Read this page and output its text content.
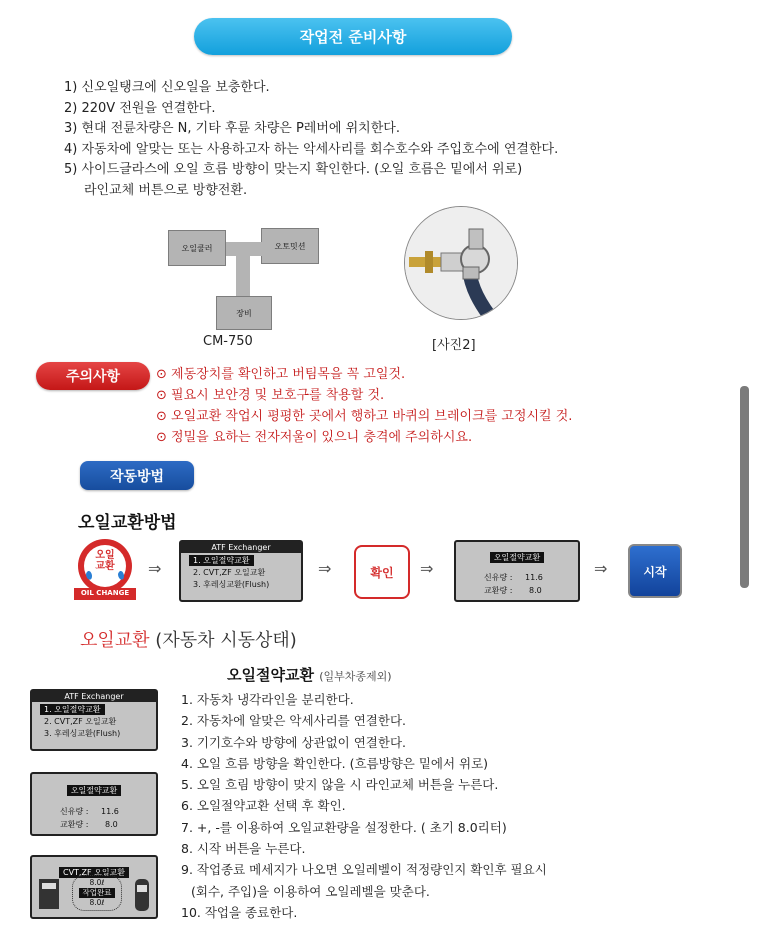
작업전 준비사항
1) 신오일탱크에 신오일을 보충한다.
2) 220V 전원을 연결한다.
3) 현대 전륜차량은 N, 기타 후륜 차량은 P레버에 위치한다.
4) 자동차에 알맞는 또는 사용하고자 하는 악세사리를 회수호수와 주입호수에 연결한다.
5) 사이드글라스에 오일 흐름 방향이 맞는지 확인한다. (오일 흐름은 밑에서 위로)
라인교체 버튼으로 방향전환.
오일쿨러	오토밋션
장비
CM-750	[사진2]
주의사항	⊙ 제동장치를 확인하고 버팀목을 꼭 고일것.
⊙ 필요시 보안경 및 보호구를 착용할 것.
⊙ 오일교환 작업시 평평한 곳에서 행하고 바퀴의 브레이크를 고정시킬 것.
⊙ 정밀을 요하는 전자저울이 있으니 충격에 주의하시요.
작동방법
오일교환방법
오일
교환
OIL CHANGE
⇒
ATF Exchanger
1. 오일절약교환
2. CVT,ZF 오일교환
3. 후레싱교환(Flush)
⇒	확인	⇒
오일절약교환
신유량 : 11.6
교환량 : 8.0
⇒	시작
오일교환 (자동차 시동상태)
오일절약교환 (일부차종제외)
ATF Exchanger
1. 오일절약교환
2. CVT,ZF 오일교환
3. 후레싱교환(Flush)
오일절약교환
신유량 : 11.6
교환량 : 8.0
CVT,ZF 오일교환
8.0ℓ
작업완료
8.0ℓ
1. 자동차 냉각라인을 분리한다.
2. 자동차에 알맞은 악세사리를 연결한다.
3. 기기호수와 방향에 상관없이 연결한다.
4. 오일 흐름 방향을 확인한다. (흐름방향은 밑에서 위로)
5. 오일 흐림 방향이 맞지 않을 시 라인교체 버튼을 누른다.
6. 오일절약교환 선택 후 확인.
7. +, -를 이용하여 오일교환량을 설정한다. ( 초기 8.0리터)
8. 시작 버튼을 누른다.
9. 작업종료 메세지가 나오면 오일레벨이 적정량인지 확인후 필요시
(회수, 주입)을 이용하여 오일레벨을 맞춘다.
10. 작업을 종료한다.
